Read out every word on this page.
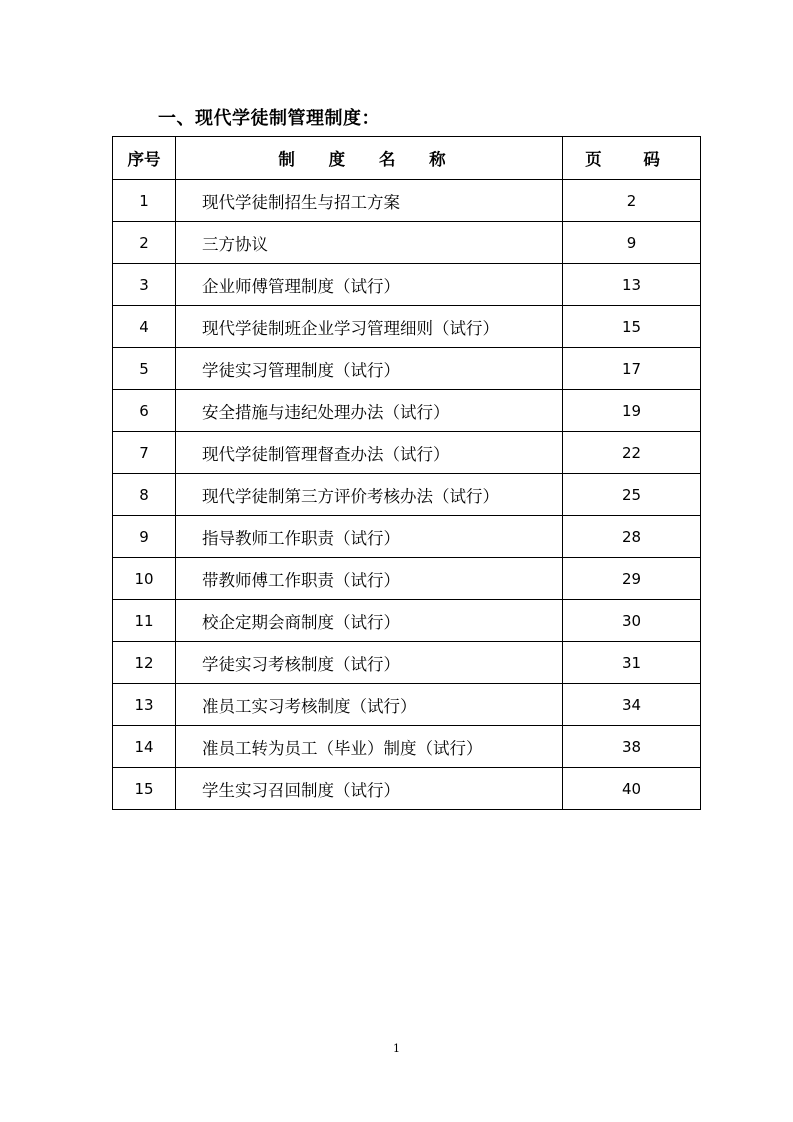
一、现代学徒制管理制度：
序号	制 度 名 称	页 码
1	现代学徒制招生与招工方案	2
2	三方协议	9
3	企业师傅管理制度（试行）	13
4	现代学徒制班企业学习管理细则（试行）	15
5	学徒实习管理制度（试行）	17
6	安全措施与违纪处理办法（试行）	19
7	现代学徒制管理督查办法（试行）	22
8	现代学徒制第三方评价考核办法（试行）	25
9	指导教师工作职责（试行）	28
10	带教师傅工作职责（试行）	29
11	校企定期会商制度（试行）	30
12	学徒实习考核制度（试行）	31
13	准员工实习考核制度（试行）	34
14	准员工转为员工（毕业）制度（试行）	38
15	学生实习召回制度（试行）	40
1
